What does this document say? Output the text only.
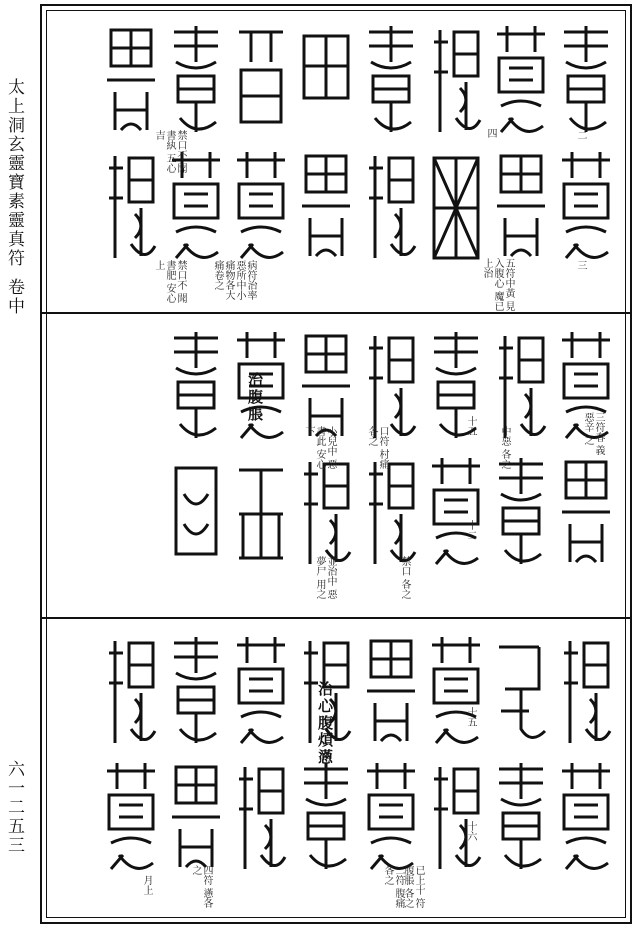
太上洞玄靈寶素靈真符
卷中
六一二五三
二
三
四
五符中黃 見入腹心 魔已上治
禁口不 聞書紈 五心吉
禁口不 聞書肥 安心上	病符治率 惡所中小 痛物各大 痛卷之
治腹脹
三符春 義惡辛 之
中惡 各之
十五
十二
口符 村痛 各之
禁口 各之
小兒中 惡書此 安心下
並治中 惡夢尸 用之
治心腹煩懣	十五
已上十 符腹脹 各之
十六
二符 腹痛 各之
四符 懣各之
月上
